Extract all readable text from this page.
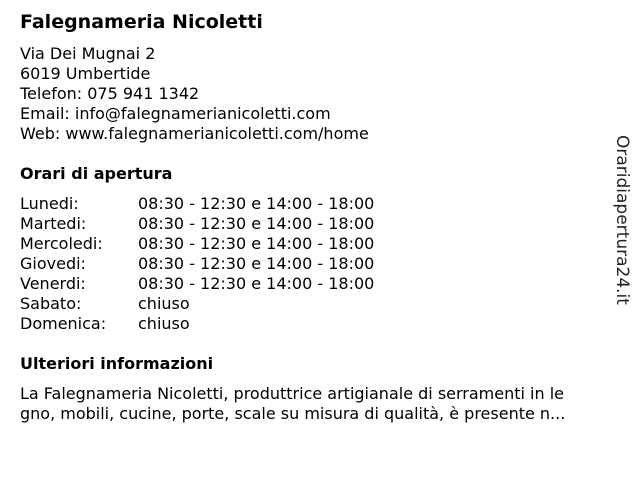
Falegnameria Nicoletti
Via Dei Mugnai 2
6019 Umbertide
Telefon: 075 941 1342
Email: info@falegnamerianicoletti.com
Web: www.falegnamerianicoletti.com/home
Orari di apertura
Lunedi:	08:30 - 12:30 e 14:00 - 18:00
Martedi:	08:30 - 12:30 e 14:00 - 18:00
Mercoledi: 08:30 - 12:30 e 14:00 - 18:00
Giovedi:	08:30 - 12:30 e 14:00 - 18:00
Venerdi:	08:30 - 12:30 e 14:00 - 18:00
Sabato:	chiuso
Domenica: chiuso
Ulteriori informazioni
La Falegnameria Nicoletti, produttrice artigianale di serramenti in le
gno, mobili, cucine, porte, scale su misura di qualità, è presente n...
Oraridiapertura24.it
